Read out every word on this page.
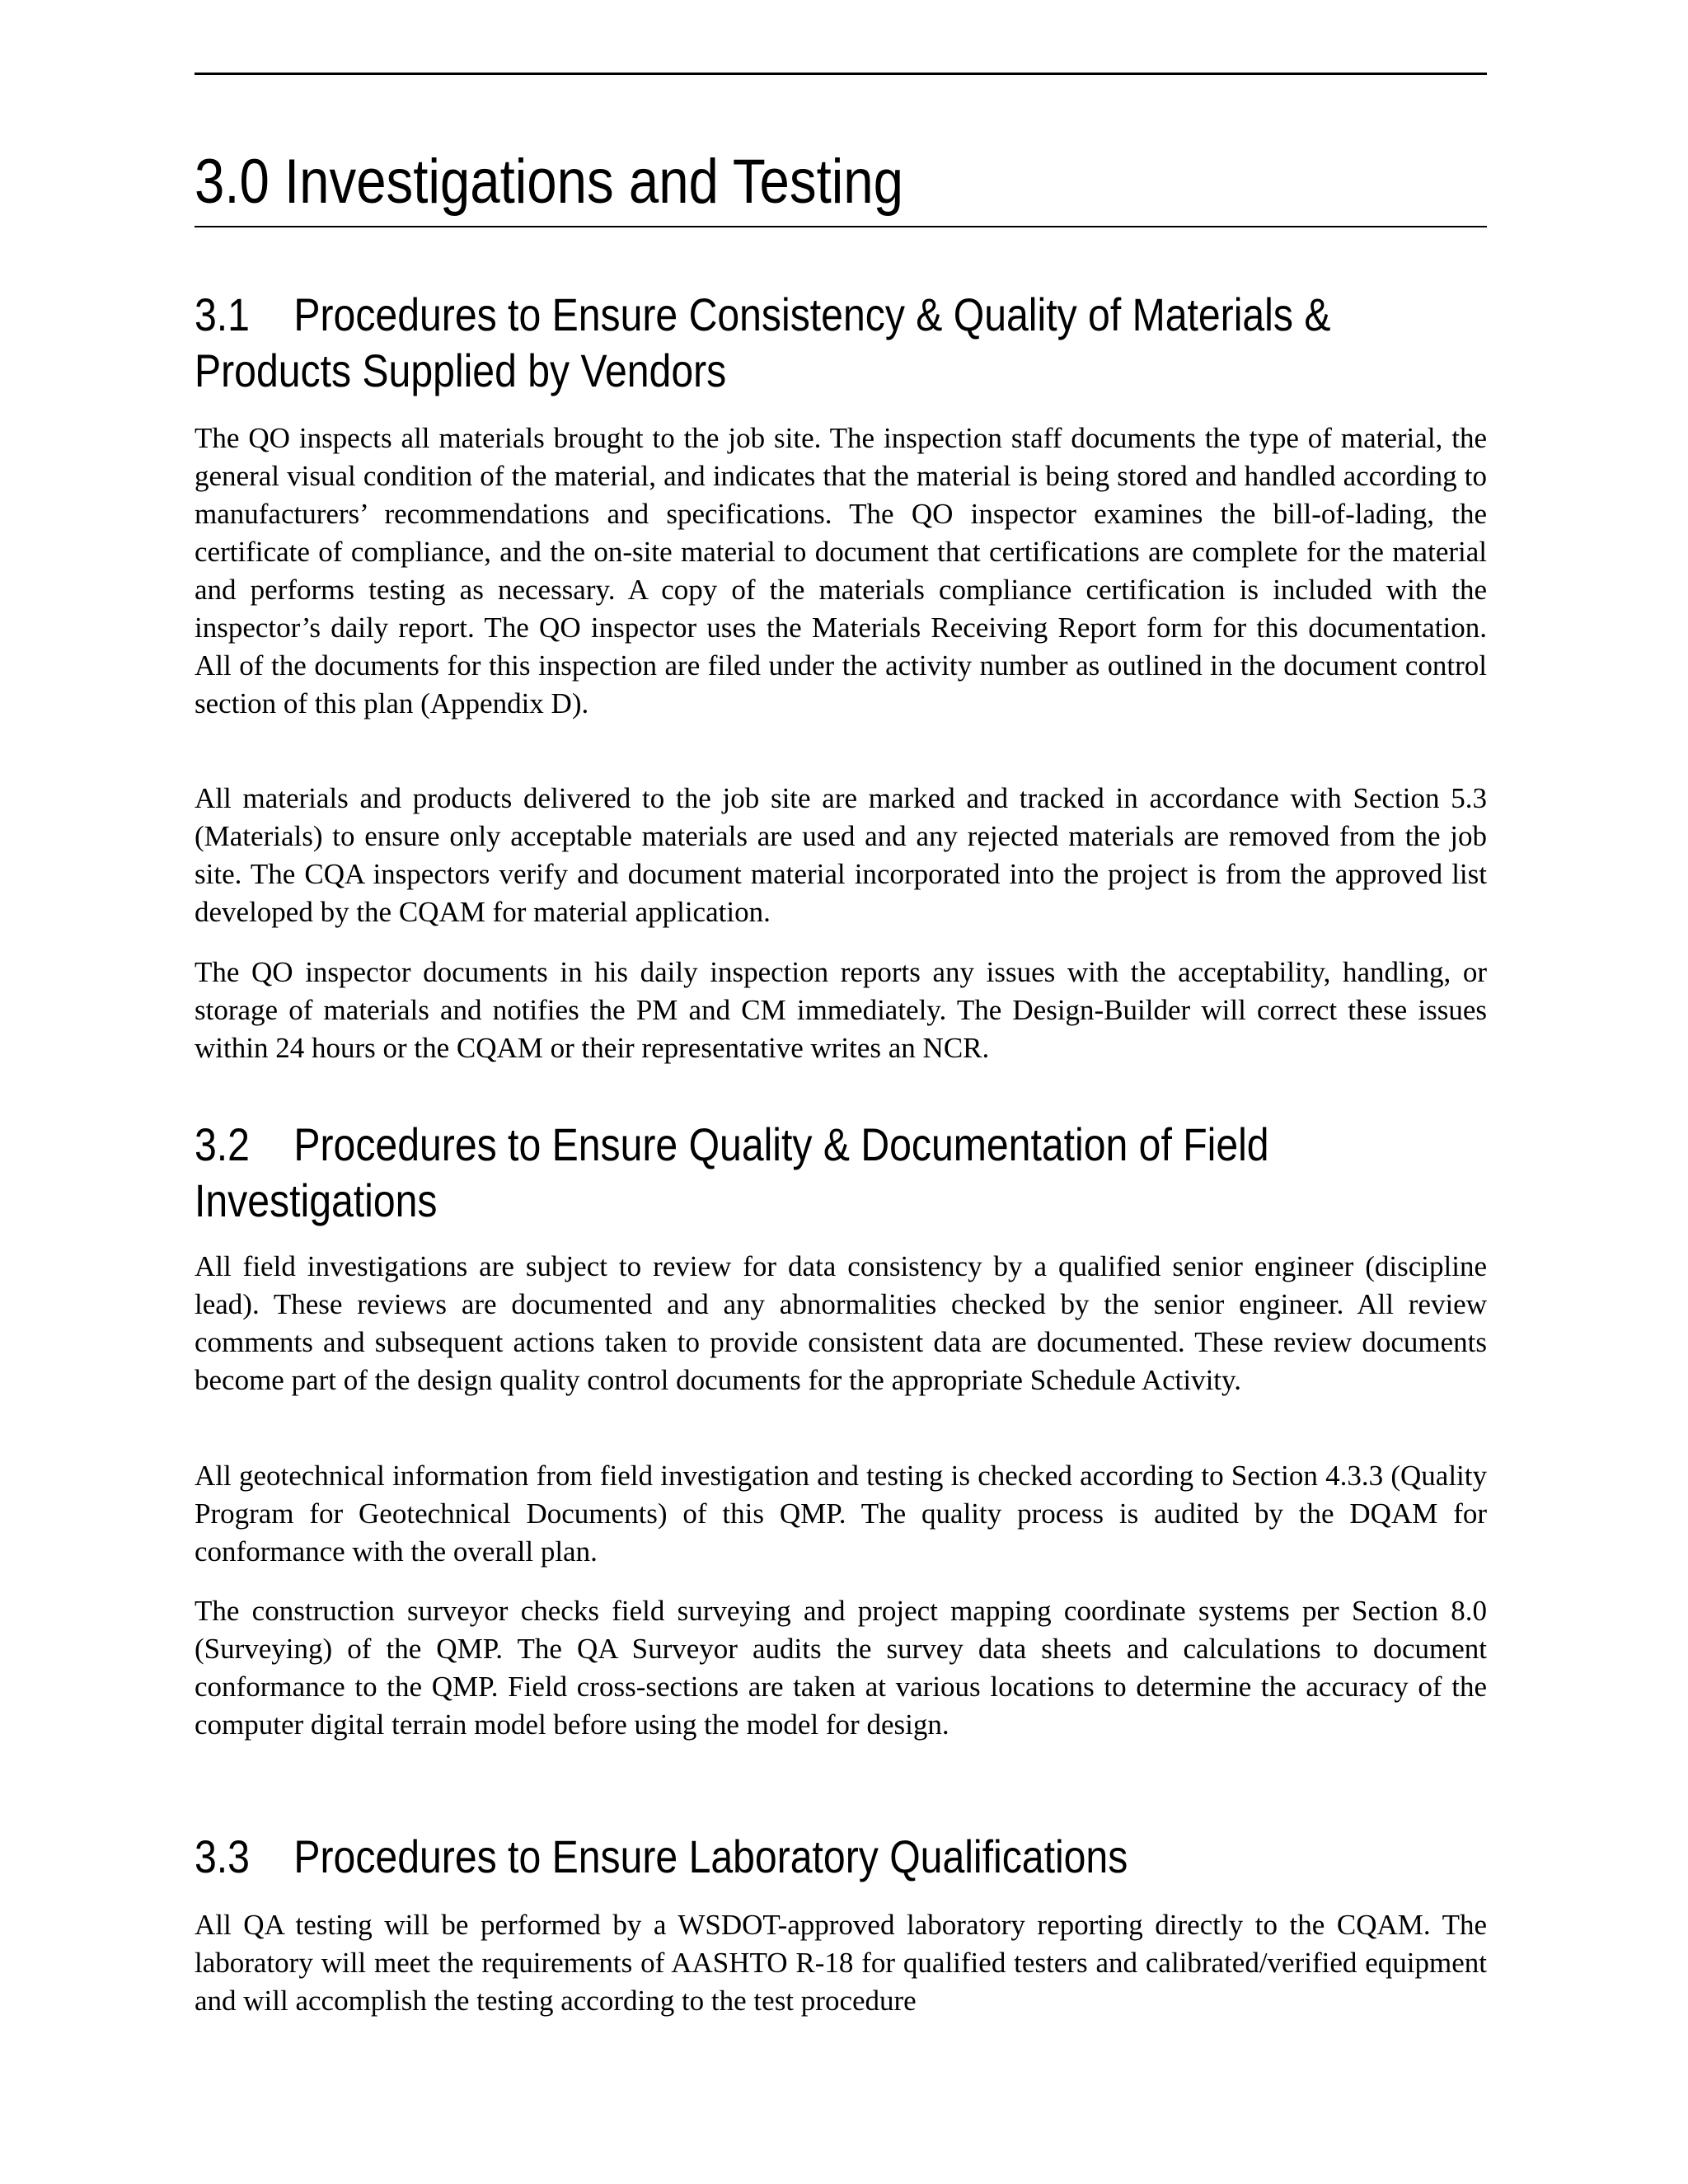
3.0 Investigations and Testing
3.1 Procedures to Ensure Consistency & Quality of Materials & Products Supplied by Vendors

The QO inspects all materials brought to the job site. The inspection staff documents the type of material, the general visual condition of the material, and indicates that the material is being stored and handled according to manufacturers’ recommendations and specifications. The QO inspector examines the bill-of-lading, the certificate of compliance, and the on-site material to document that certifications are complete for the material and performs testing as necessary. A copy of the materials compliance certification is included with the inspector’s daily report. The QO inspector uses the Materials Receiving Report form for this documentation. All of the documents for this inspection are filed under the activity number as outlined in the document control section of this plan (Appendix D).

All materials and products delivered to the job site are marked and tracked in accordance with Section 5.3 (Materials) to ensure only acceptable materials are used and any rejected materials are removed from the job site. The CQA inspectors verify and document material incorporated into the project is from the approved list developed by the CQAM for material application.

The QO inspector documents in his daily inspection reports any issues with the acceptability, handling, or storage of materials and notifies the PM and CM immediately. The Design-Builder will correct these issues within 24 hours or the CQAM or their representative writes an NCR.

3.2 Procedures to Ensure Quality & Documentation of Field Investigations

All field investigations are subject to review for data consistency by a qualified senior engineer (discipline lead). These reviews are documented and any abnormalities checked by the senior engineer. All review comments and subsequent actions taken to provide consistent data are documented. These review documents become part of the design quality control documents for the appropriate Schedule Activity.

All geotechnical information from field investigation and testing is checked according to Section 4.3.3 (Quality Program for Geotechnical Documents) of this QMP. The quality process is audited by the DQAM for conformance with the overall plan.

The construction surveyor checks field surveying and project mapping coordinate systems per Section 8.0 (Surveying) of the QMP. The QA Surveyor audits the survey data sheets and calculations to document conformance to the QMP. Field cross-sections are taken at various locations to determine the accuracy of the computer digital terrain model before using the model for design.

3.3 Procedures to Ensure Laboratory Qualifications

All QA testing will be performed by a WSDOT-approved laboratory reporting directly to the CQAM. The laboratory will meet the requirements of AASHTO R-18 for qualified testers and calibrated/verified equipment and will accomplish the testing according to the test procedure
